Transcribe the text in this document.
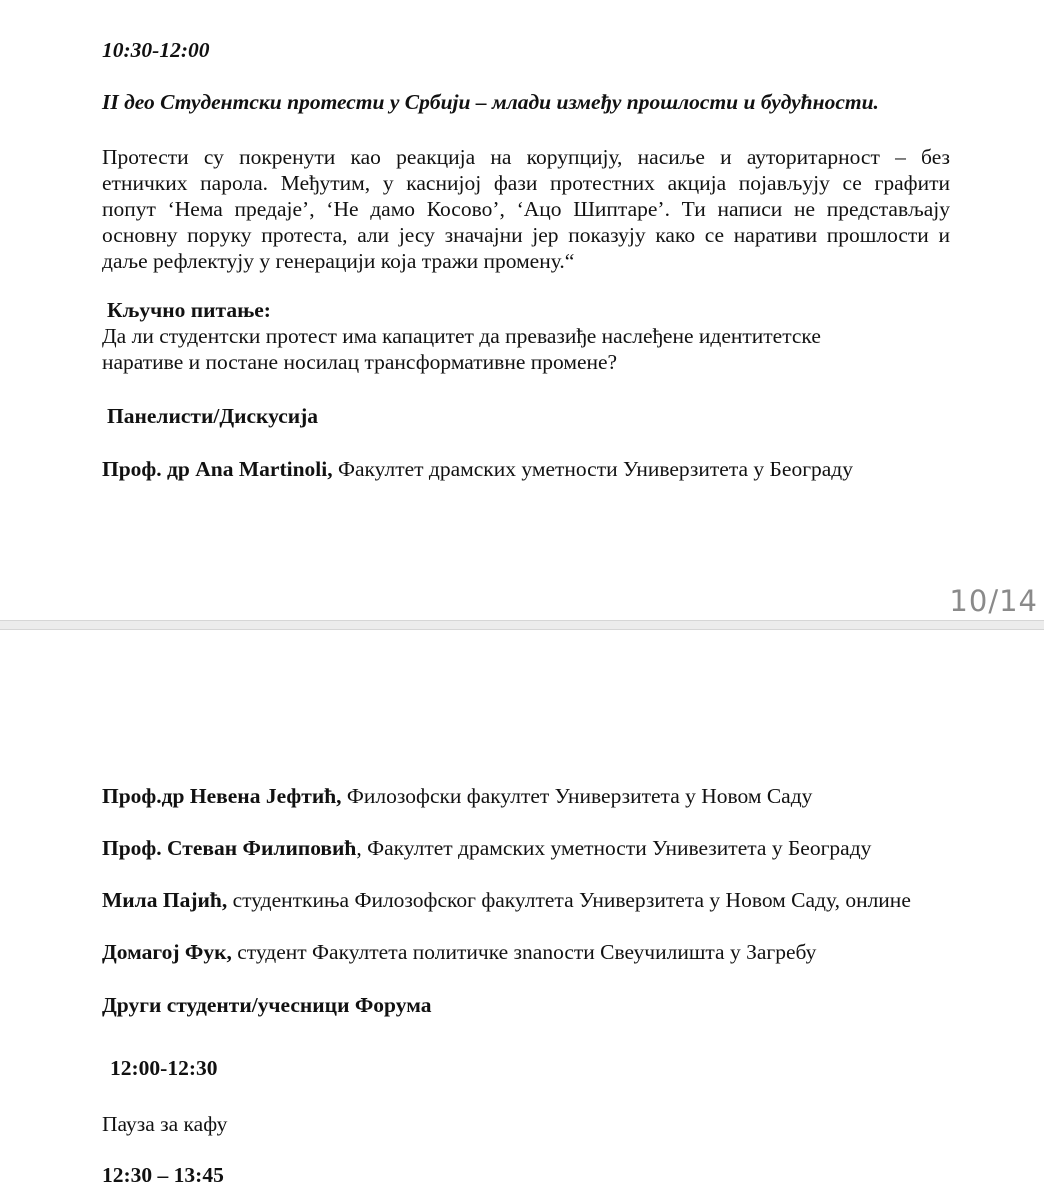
10:30-12:00
II део Студентски протести у Србији – млади између прошлости и будућности.
Протести су покренути као реакција на корупцију, насиље и ауторитарност – без
етничких парола. Међутим, у каснијој фази протестних акција појављују се графити
попут ‘Нема предаје’, ‘Не дамо Косово’, ‘Ацо Шиптаре’. Ти написи не представљају
основну поруку протеста, али јесу значајни јер показују како се наративи прошлости и
даље рефлектују у генерацији која тражи промену.“
Кључно питање:
Да ли студентски протест има капацитет да превазиђе наслеђене идентитетске
наративе и постане носилац трансформативне промене?
Панелисти/Дискусија
Проф. др Ana Martinoli, Факултет драмских уметности Универзитета у Београду
10/14
Проф.др Невена Јефтић, Филозофски факултет Универзитета у Новом Саду
Проф. Стеван Филиповић, Факултет драмских уметности Унивезитета у Београду
Мила Пајић, студенткиња Филозофског факултета Универзитета у Новом Саду, онлине
Домагој Фук, студент Факултета политичке зnanости Свеучилишта у Загребу
Други студенти/учесници Форума
12:00-12:30
Пауза за кафу
12:30 – 13:45
